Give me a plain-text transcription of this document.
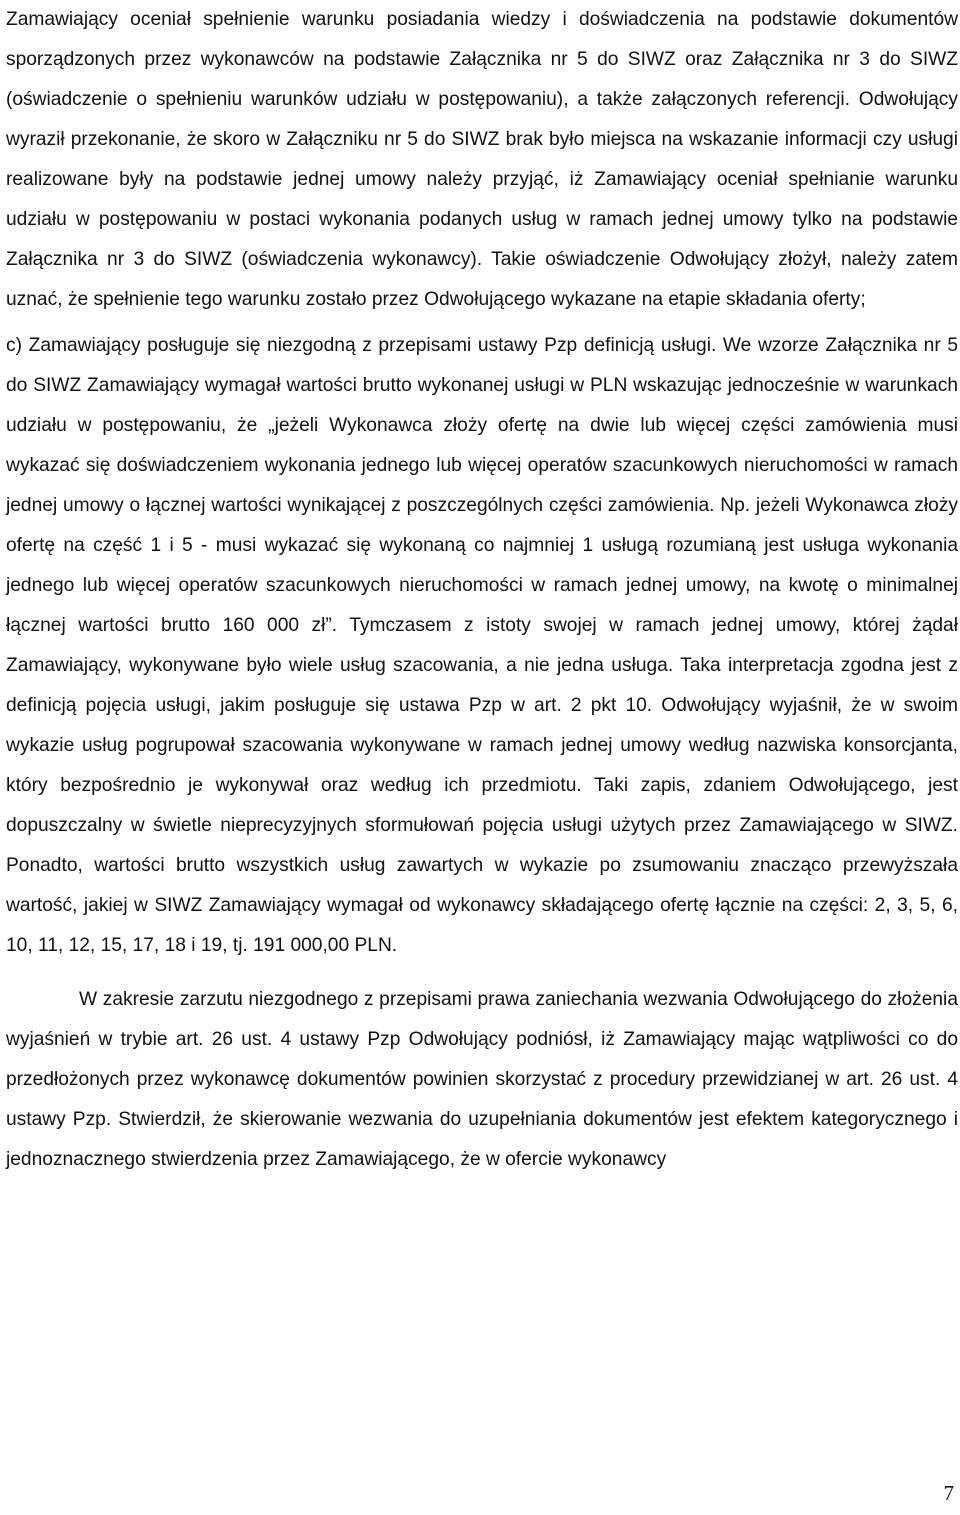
Zamawiający oceniał spełnienie warunku posiadania wiedzy i doświadczenia na podstawie dokumentów sporządzonych przez wykonawców na podstawie Załącznika nr 5 do SIWZ oraz Załącznika nr 3 do SIWZ (oświadczenie o spełnieniu warunków udziału w postępowaniu), a także załączonych referencji. Odwołujący wyraził przekonanie, że skoro w Załączniku nr 5 do SIWZ brak było miejsca na wskazanie informacji czy usługi realizowane były na podstawie jednej umowy należy przyjąć, iż Zamawiający oceniał spełnianie warunku udziału w postępowaniu w postaci wykonania podanych usług w ramach jednej umowy tylko na podstawie Załącznika nr 3 do SIWZ (oświadczenia wykonawcy). Takie oświadczenie Odwołujący złożył, należy zatem uznać, że spełnienie tego warunku zostało przez Odwołującego wykazane na etapie składania oferty;

c) Zamawiający posługuje się niezgodną z przepisami ustawy Pzp definicją usługi. We wzorze Załącznika nr 5 do SIWZ Zamawiający wymagał wartości brutto wykonanej usługi w PLN wskazując jednocześnie w warunkach udziału w postępowaniu, że „jeżeli Wykonawca złoży ofertę na dwie lub więcej części zamówienia musi wykazać się doświadczeniem wykonania jednego lub więcej operatów szacunkowych nieruchomości w ramach jednej umowy o łącznej wartości wynikającej z poszczególnych części zamówienia. Np. jeżeli Wykonawca złoży ofertę na część 1 i 5 - musi wykazać się wykonaną co najmniej 1 usługą rozumianą jest usługa wykonania jednego lub więcej operatów szacunkowych nieruchomości w ramach jednej umowy, na kwotę o minimalnej łącznej wartości brutto 160 000 zł”. Tymczasem z istoty swojej w ramach jednej umowy, której żądał Zamawiający, wykonywane było wiele usług szacowania, a nie jedna usługa. Taka interpretacja zgodna jest z definicją pojęcia usługi, jakim posługuje się ustawa Pzp w art. 2 pkt 10. Odwołujący wyjaśnił, że w swoim wykazie usług pogrupował szacowania wykonywane w ramach jednej umowy według nazwiska konsorcjanta, który bezpośrednio je wykonywał oraz według ich przedmiotu. Taki zapis, zdaniem Odwołującego, jest dopuszczalny w świetle nieprecyzyjnych sformułowań pojęcia usługi użytych przez Zamawiającego w SIWZ. Ponadto, wartości brutto wszystkich usług zawartych w wykazie po zsumowaniu znacząco przewyższała wartość, jakiej w SIWZ Zamawiający wymagał od wykonawcy składającego ofertę łącznie na części: 2, 3, 5, 6, 10, 11, 12, 15, 17, 18 i 19, tj. 191 000,00 PLN.

W zakresie zarzutu niezgodnego z przepisami prawa zaniechania wezwania Odwołującego do złożenia wyjaśnień w trybie art. 26 ust. 4 ustawy Pzp Odwołujący podniósł, iż Zamawiający mając wątpliwości co do przedłożonych przez wykonawcę dokumentów powinien skorzystać z procedury przewidzianej w art. 26 ust. 4 ustawy Pzp. Stwierdził, że skierowanie wezwania do uzupełniania dokumentów jest efektem kategorycznego i jednoznacznego stwierdzenia przez Zamawiającego, że w ofercie wykonawcy

7
